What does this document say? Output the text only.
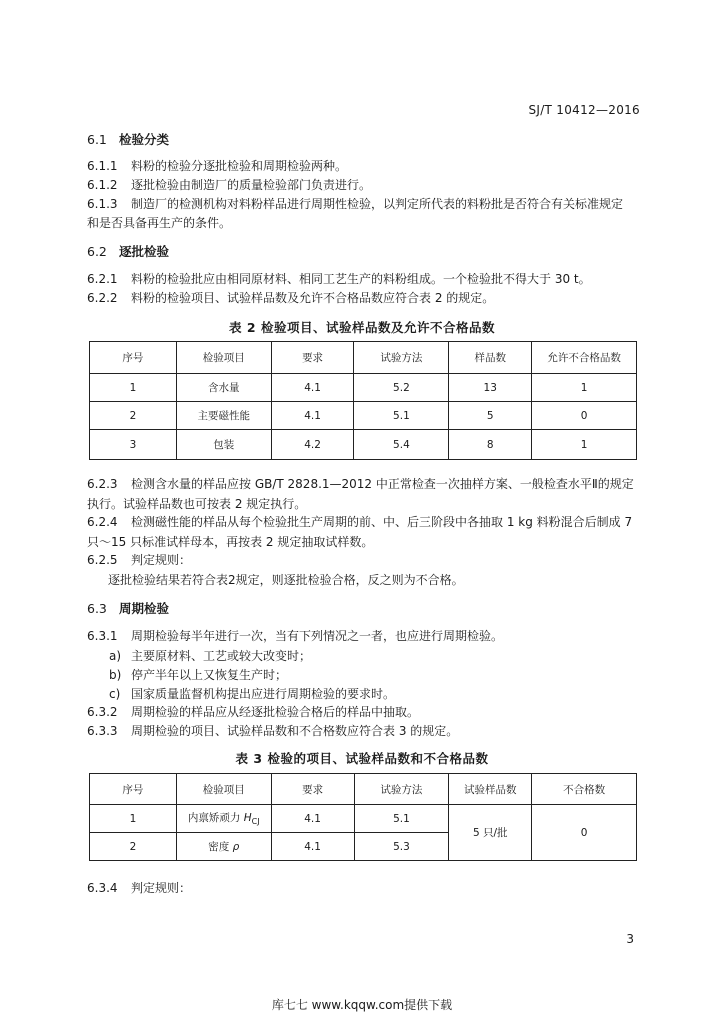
SJ/T 10412—2016
6.1 检验分类
6.1.1 料粉的检验分逐批检验和周期检验两种。
6.1.2 逐批检验由制造厂的质量检验部门负责进行。
6.1.3 制造厂的检测机构对料粉样品进行周期性检验，以判定所代表的料粉批是否符合有关标准规定
和是否具备再生产的条件。
6.2 逐批检验
6.2.1 料粉的检验批应由相同原材料、相同工艺生产的料粉组成。一个检验批不得大于 30 t。
6.2.2 料粉的检验项目、试验样品数及允许不合格品数应符合表 2 的规定。
表 2 检验项目、试验样品数及允许不合格品数
序号	检验项目	要求	试验方法	样品数	允许不合格品数
1	含水量	4.1	5.2	13	1
2	主要磁性能	4.1	5.1	5	0
3	包装	4.2	5.4	8	1
6.2.3 检测含水量的样品应按 GB/T 2828.1—2012 中正常检查一次抽样方案、一般检查水平Ⅱ的规定
执行。试验样品数也可按表 2 规定执行。
6.2.4 检测磁性能的样品从每个检验批生产周期的前、中、后三阶段中各抽取 1 kg 料粉混合后制成 7
只～15 只标准试样母本，再按表 2 规定抽取试样数。
6.2.5 判定规则：
逐批检验结果若符合表2规定，则逐批检验合格，反之则为不合格。
6.3 周期检验
6.3.1 周期检验每半年进行一次，当有下列情况之一者，也应进行周期检验。
a) 主要原材料、工艺或较大改变时；
b) 停产半年以上又恢复生产时；
c) 国家质量监督机构提出应进行周期检验的要求时。
6.3.2 周期检验的样品应从经逐批检验合格后的样品中抽取。
6.3.3 周期检验的项目、试验样品数和不合格数应符合表 3 的规定。
表 3 检验的项目、试验样品数和不合格品数
序号	检验项目	要求	试验方法	试验样品数	不合格数
1	内禀矫顽力 $H_{CJ}$	4.1	5.1	5 只/批	0
2	密度 ρ	4.1	5.3		
6.3.4 判定规则：
3
库七七 www.kqqw.com提供下载
